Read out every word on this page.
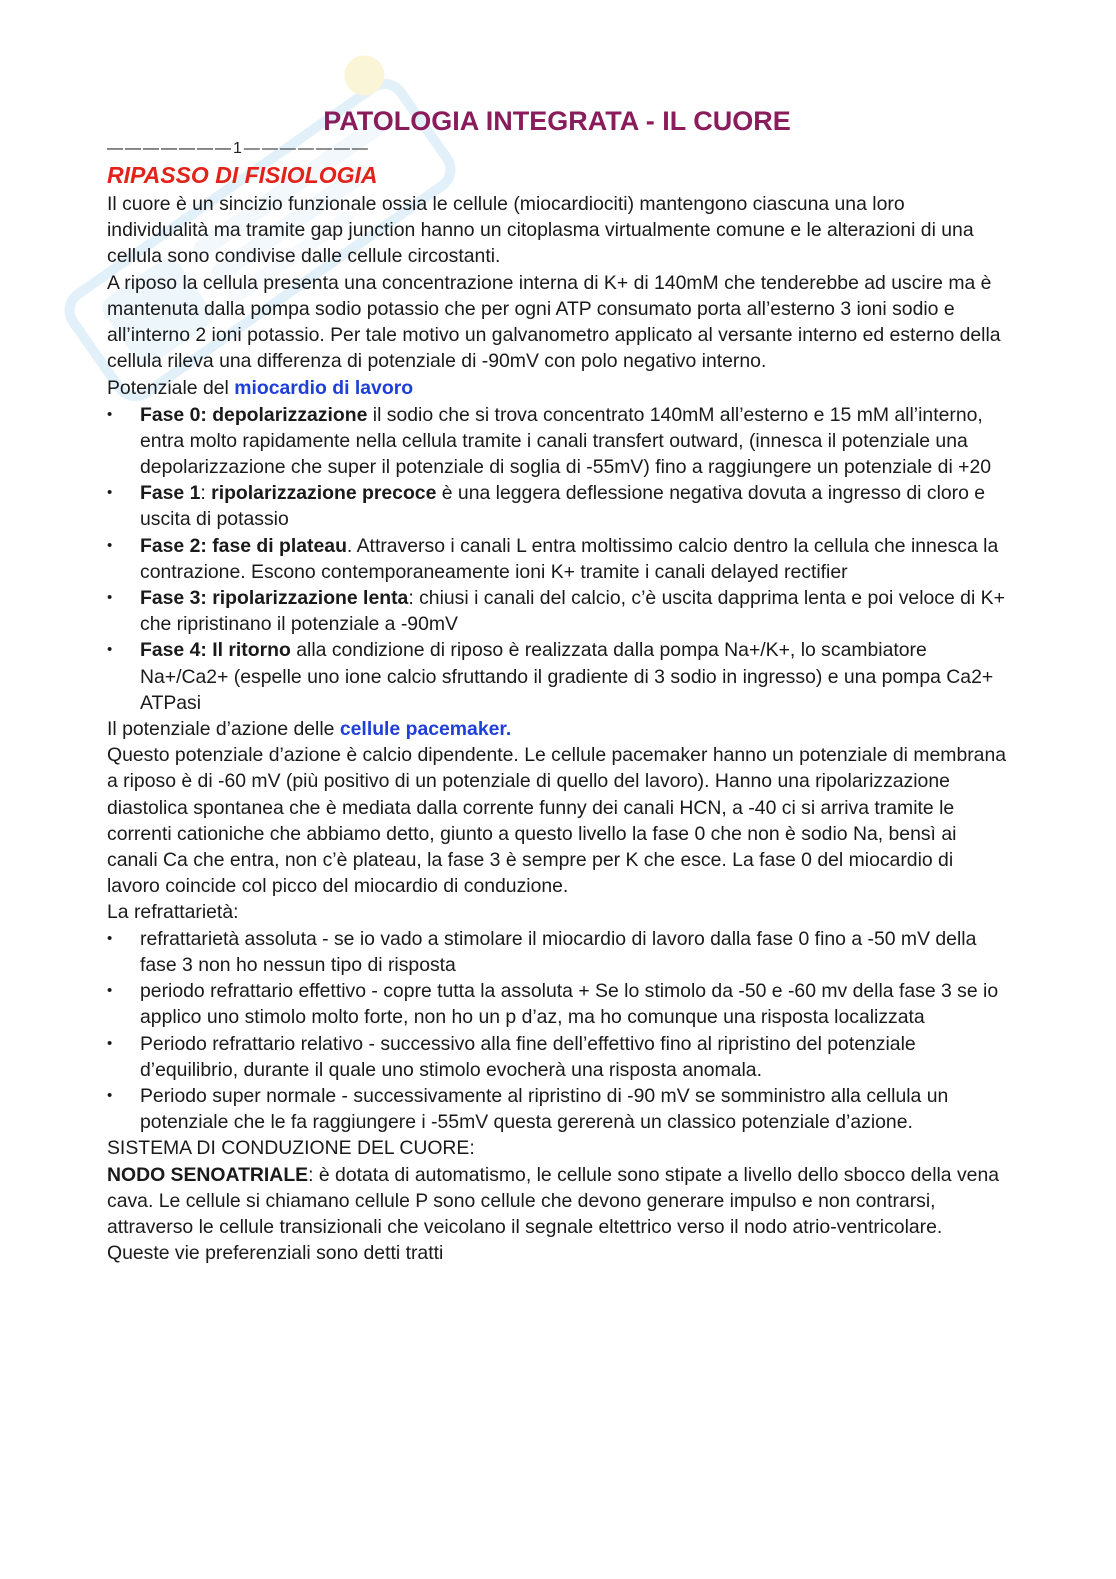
PATOLOGIA INTEGRATA - IL CUORE
———————1———————
RIPASSO DI FISIOLOGIA

Il cuore è un sincizio funzionale ossia le cellule (miocardiociti) mantengono ciascuna una loro individualità ma tramite gap junction hanno un citoplasma virtualmente comune e le alterazioni di una cellula sono condivise dalle cellule circostanti.

A riposo la cellula presenta una concentrazione interna di K+ di 140mM che tenderebbe ad uscire ma è mantenuta dalla pompa sodio potassio che per ogni ATP consumato porta all’esterno 3 ioni sodio e all’interno 2 ioni potassio. Per tale motivo un galvanometro applicato al versante interno ed esterno della cellula rileva una differenza di potenziale di -90mV con polo negativo interno.

Potenziale del miocardio di lavoro

• Fase 0: depolarizzazione il sodio che si trova concentrato 140mM all’esterno e 15 mM all’interno, entra molto rapidamente nella cellula tramite i canali transfert outward, (innesca il potenziale una depolarizzazione che super il potenziale di soglia di -55mV) fino a raggiungere un potenziale di +20
• Fase 1: ripolarizzazione precoce è una leggera deflessione negativa dovuta a ingresso di cloro e uscita di potassio
• Fase 2: fase di plateau. Attraverso i canali L entra moltissimo calcio dentro la cellula che innesca la contrazione. Escono contemporaneamente ioni K+ tramite i canali delayed rectifier
• Fase 3: ripolarizzazione lenta: chiusi i canali del calcio, c’è uscita dapprima lenta e poi veloce di K+ che ripristinano il potenziale a -90mV
• Fase 4: Il ritorno alla condizione di riposo è realizzata dalla pompa Na+/K+, lo scambiatore Na+/Ca2+ (espelle uno ione calcio sfruttando il gradiente di 3 sodio in ingresso) e una pompa Ca2+ ATPasi

Il potenziale d’azione delle cellule pacemaker.

Questo potenziale d’azione è calcio dipendente. Le cellule pacemaker hanno un potenziale di membrana a riposo è di -60 mV (più positivo di un potenziale di quello del lavoro). Hanno una ripolarizzazione diastolica spontanea che è mediata dalla corrente funny dei canali HCN, a -40 ci si arriva tramite le correnti cationiche che abbiamo detto, giunto a questo livello la fase 0 che non è sodio Na, bensì ai canali Ca che entra, non c’è plateau, la fase 3 è sempre per K che esce. La fase 0 del miocardio di lavoro coincide col picco del miocardio di conduzione.

La refrattarietà:

• refrattarietà assoluta - se io vado a stimolare il miocardio di lavoro dalla fase 0 fino a -50 mV della fase 3 non ho nessun tipo di risposta
• periodo refrattario effettivo - copre tutta la assoluta + Se lo stimolo da -50 e -60 mv della fase 3 se io applico uno stimolo molto forte, non ho un p d’az, ma ho comunque una risposta localizzata
• Periodo refrattario relativo - successivo alla fine dell’effettivo fino al ripristino del potenziale d’equilibrio, durante il quale uno stimolo evocherà una risposta anomala.
• Periodo super normale - successivamente al ripristino di -90 mV se somministro alla cellula un potenziale che le fa raggiungere i -55mV questa gererenà un classico potenziale d’azione.

SISTEMA DI CONDUZIONE DEL CUORE:

NODO SENOATRIALE: è dotata di automatismo, le cellule sono stipate a livello dello sbocco della vena cava. Le cellule si chiamano cellule P sono cellule che devono generare impulso e non contrarsi, attraverso le cellule transizionali che veicolano il segnale eltettrico verso il nodo atrio-ventricolare. Queste vie preferenziali sono detti tratti
